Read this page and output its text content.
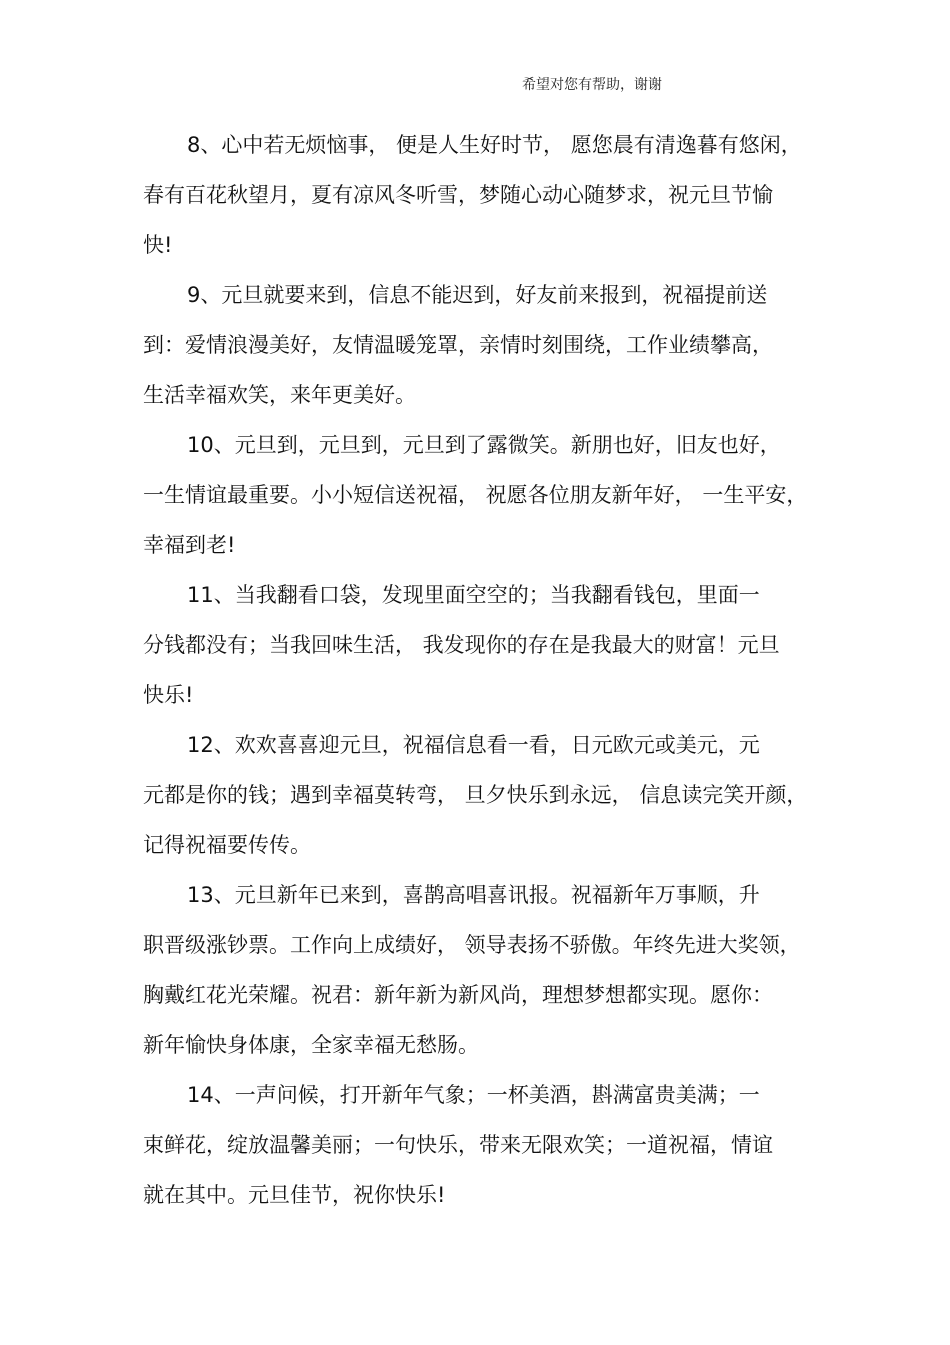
希望对您有帮助，谢谢
8、心中若无烦恼事， 便是人生好时节， 愿您晨有清逸暮有悠闲，
春有百花秋望月，夏有凉风冬听雪，梦随心动心随梦求，祝元旦节愉
快!
9、元旦就要来到，信息不能迟到，好友前来报到，祝福提前送
到：爱情浪漫美好，友情温暖笼罩，亲情时刻围绕，工作业绩攀高，
生活幸福欢笑，来年更美好。
10、元旦到，元旦到，元旦到了露微笑。新朋也好，旧友也好，
一生情谊最重要。小小短信送祝福， 祝愿各位朋友新年好， 一生平安，
幸福到老!
11、当我翻看口袋，发现里面空空的；当我翻看钱包，里面一
分钱都没有；当我回味生活， 我发现你的存在是我最大的财富！元旦
快乐!
12、欢欢喜喜迎元旦，祝福信息看一看，日元欧元或美元，元
元都是你的钱；遇到幸福莫转弯， 旦夕快乐到永远， 信息读完笑开颜，
记得祝福要传传。
13、元旦新年已来到，喜鹊高唱喜讯报。祝福新年万事顺，升
职晋级涨钞票。工作向上成绩好， 领导表扬不骄傲。年终先进大奖领，
胸戴红花光荣耀。祝君：新年新为新风尚，理想梦想都实现。愿你：
新年愉快身体康，全家幸福无愁肠。
14、一声问候，打开新年气象；一杯美酒，斟满富贵美满；一
束鲜花，绽放温馨美丽；一句快乐，带来无限欢笑；一道祝福，情谊
就在其中。元旦佳节，祝你快乐!
